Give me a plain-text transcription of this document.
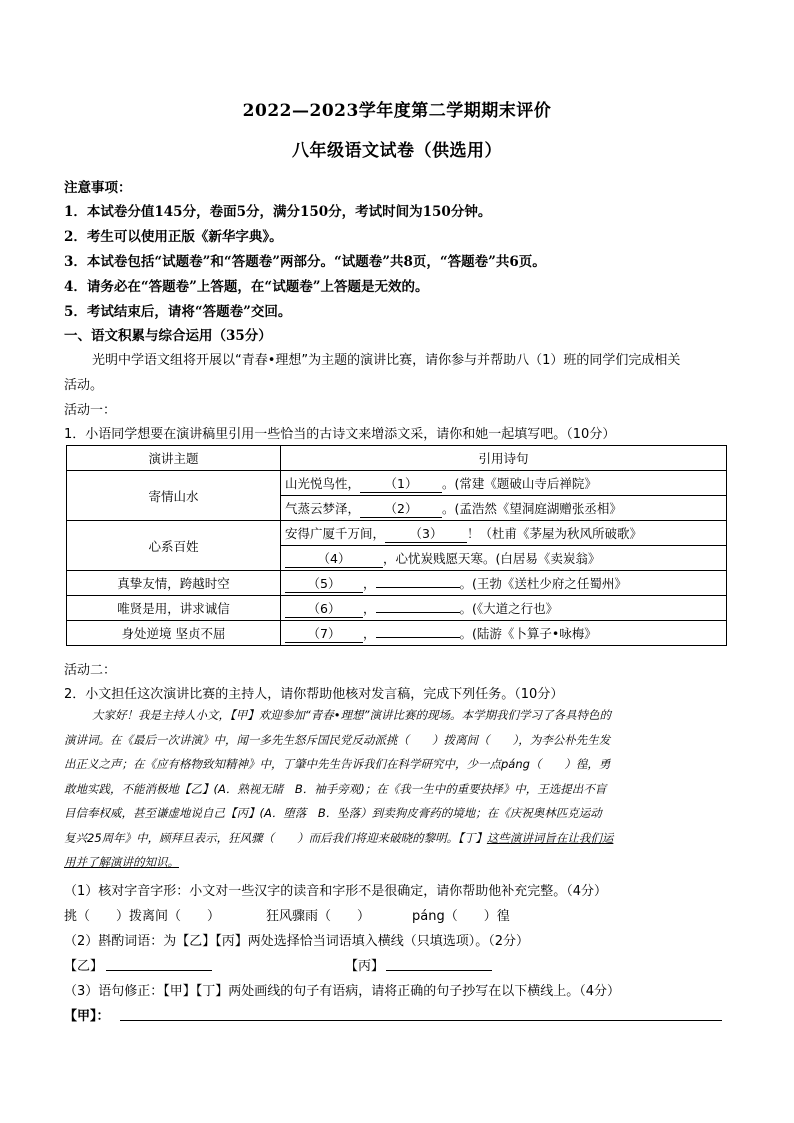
2022—2023学年度第二学期期末评价
八年级语文试卷（供选用）
注意事项：
1．本试卷分值145分，卷面5分，满分150分，考试时间为150分钟。
2．考生可以使用正版《新华字典》。
3．本试卷包括“试题卷”和“答题卷”两部分。“试题卷”共8页，“答题卷”共6页。
4．请务必在“答题卷”上答题，在“试题卷”上答题是无效的。
5．考试结束后，请将“答题卷”交回。
一、语文积累与综合运用（35分）
光明中学语文组将开展以“青春•理想”为主题的演讲比赛，请你参与并帮助八（1）班的同学们完成相关
活动。
活动一：
1．小语同学想要在演讲稿里引用一些恰当的古诗文来增添文采，请你和她一起填写吧。（10分）
演讲主题	引用诗句
寄情山水	山光悦鸟性， （1） 。(常建《题破山寺后禅院》
	气蒸云梦泽， （2） 。(孟浩然《望洞庭湖赠张丞相》
心系百姓	安得广厦千万间， （3） ！（杜甫《茅屋为秋风所破歌》
	（4） ，心忧炭贱愿天寒。(白居易《卖炭翁》
真挚友情，跨越时空	（5） ， 。(王勃《送杜少府之任蜀州》
唯贤是用，讲求诚信	（6） ， 。(《大道之行也》
身处逆境 坚贞不屈	（7） ， 。(陆游《卜算子•咏梅》
活动二：
2．小文担任这次演讲比赛的主持人，请你帮助他核对发言稿，完成下列任务。（10分）
大家好！我是主持人小文，【甲】欢迎参加“青春•理想”演讲比赛的现场。本学期我们学习了各具特色的
演讲词。在《最后一次讲演》中，闻一多先生怒斥国民党反动派挑（　　）拨离间（　　），为李公朴先生发
出正义之声；在《应有格物致知精神》中，丁肇中先生告诉我们在科学研究中，少一点páng（　　）徨，勇
敢地实践，不能消极地【乙】(A．熟视无睹　B．袖手旁观)；在《我一生中的重要抉择》中，王选提出不盲
目信奉权威，甚至谦虚地说自己【丙】(A．堕落　B．坠落）到卖狗皮膏药的境地；在《庆祝奥林匹克运动
复兴25周年》中，顾拜旦表示，狂风骤（　　）而后我们将迎来破晓的黎明。【丁】这些演讲词旨在让我们运
用并了解演讲的知识。
（1）核对字音字形：小文对一些汉字的读音和字形不是很确定，请你帮助他补充完整。（4分）
挑（　　）拨离间（　　）	狂风骤雨（　　）	páng（　　）徨
（2）斟酌词语：为【乙】【丙】两处选择恰当词语填入横线（只填选项）。（2分）
【乙】	【丙】
（3）语句修正：【甲】【丁】两处画线的句子有语病，请将正确的句子抄写在以下横线上。（4分）
【甲】：
